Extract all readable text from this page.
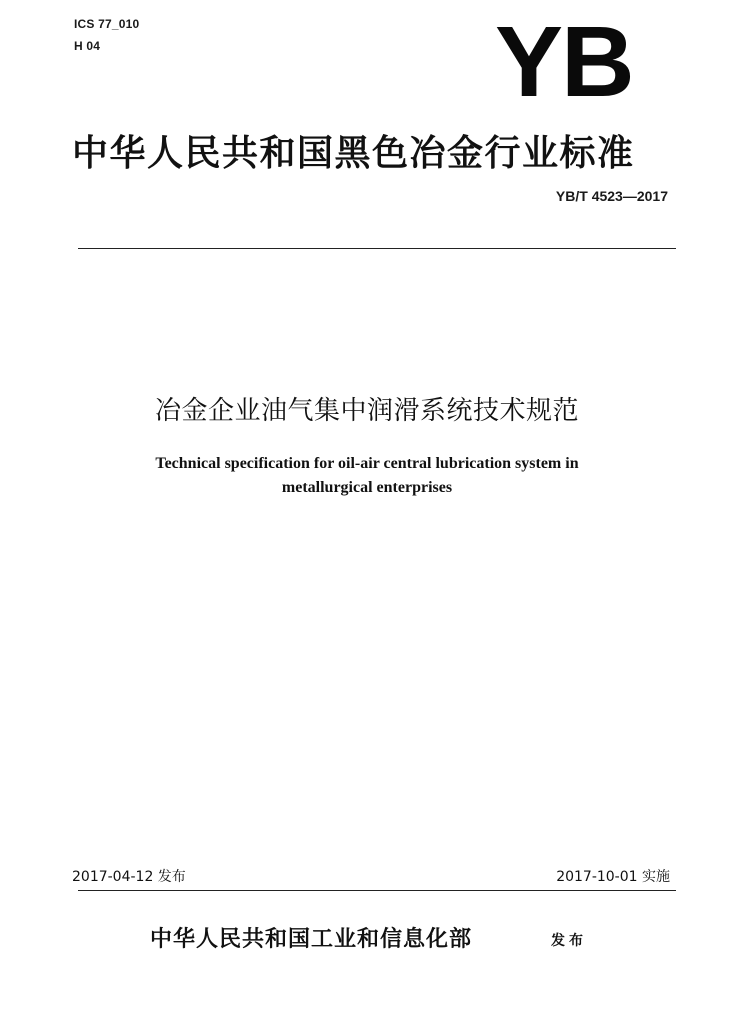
ICS 77_010
H 04	YB
中华人民共和国黑色冶金行业标准
YB/T 4523—2017
冶金企业油气集中润滑系统技术规范
Technical specification for oil-air central lubrication system in
metallurgical enterprises
2017-04-12 发布	2017-10-01 实施
中华人民共和国工业和信息化部	发布
